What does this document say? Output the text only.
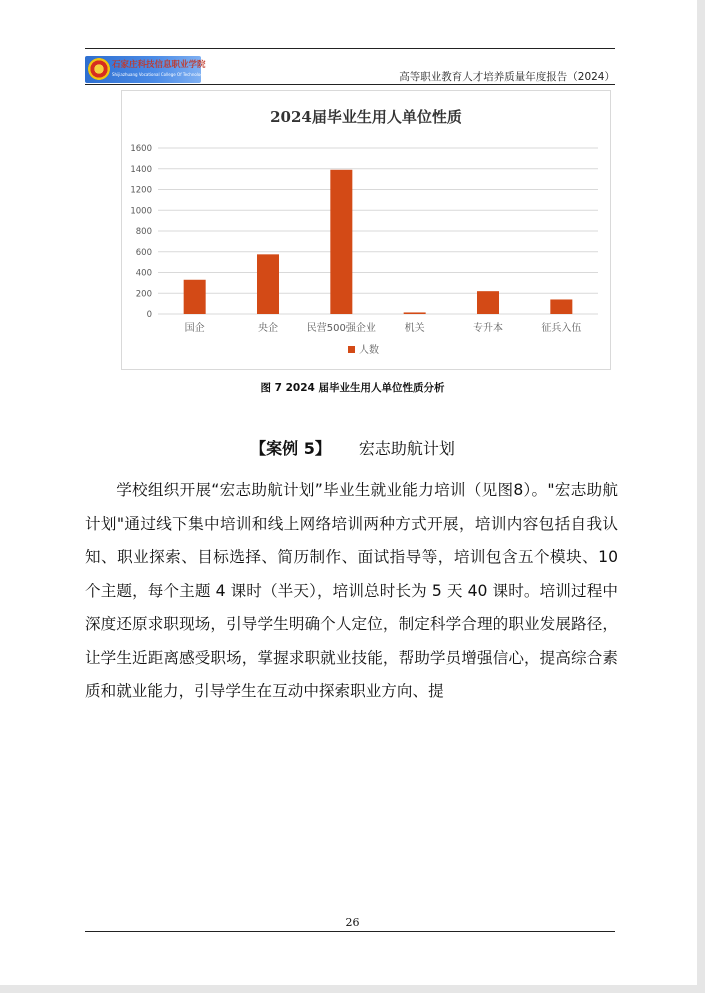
石家庄科技信息职业学院
Shijiazhuang Vocational College Of Technology & Information	高等职业教育人才培养质量年度报告（2024）
2024届毕业生用人单位性质
0
200
400
600
800
1000
1200
1400
1600
国企	央企	民营500强企业	机关	专升本	征兵入伍
人数
图 7 2024 届毕业生用人单位性质分析
【案例 5】 宏志助航计划

学校组织开展“宏志助航计划”毕业生就业能力培训（见图8）。"宏志助航计划"通过线下集中培训和线上网络培训两种方式开展，培训内容包括自我认知、职业探索、目标选择、简历制作、面试指导等，培训包含五个模块、10 个主题，每个主题 4 课时（半天），培训总时长为 5 天 40 课时。培训过程中深度还原求职现场，引导学生明确个人定位，制定科学合理的职业发展路径，让学生近距离感受职场，掌握求职就业技能，帮助学员增强信心，提高综合素质和就业能力，引导学生在互动中探索职业方向、提

26
